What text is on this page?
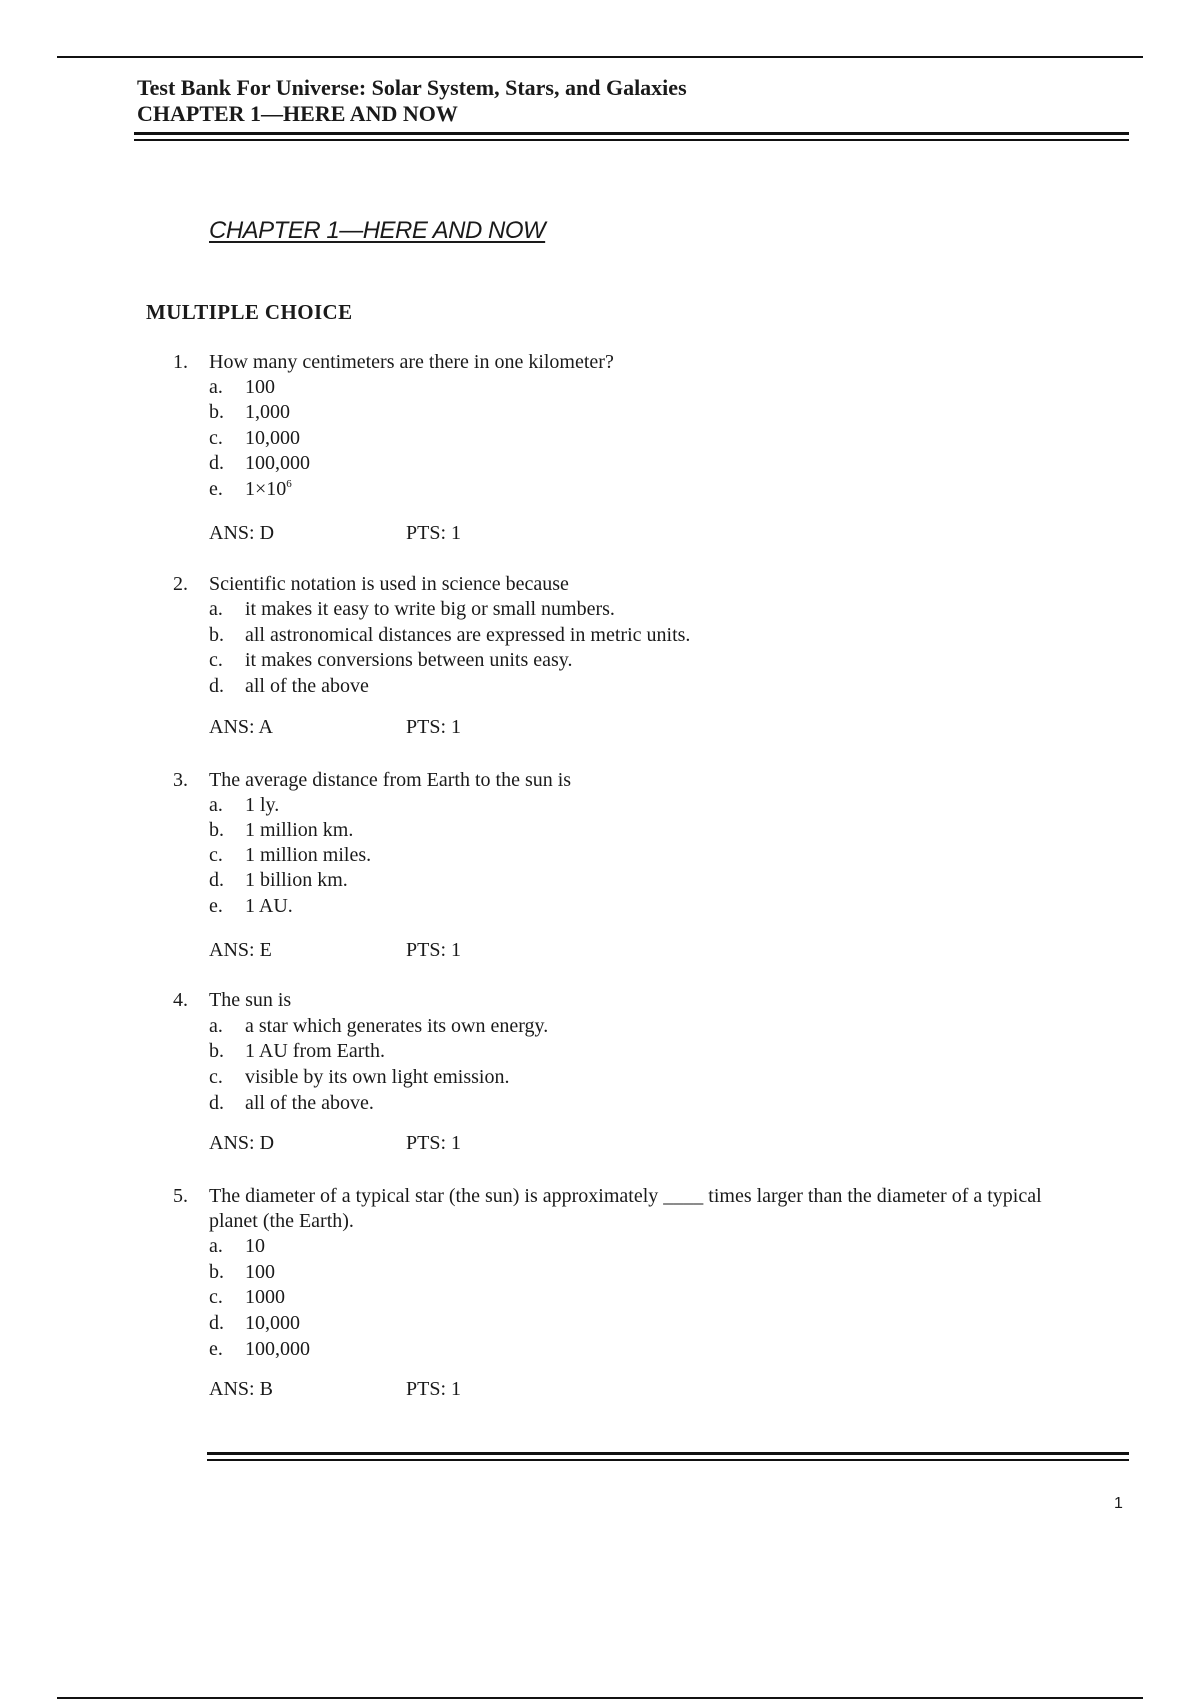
Test Bank For Universe: Solar System, Stars, and Galaxies
CHAPTER 1—HERE AND NOW
CHAPTER 1—HERE AND NOW
MULTIPLE CHOICE
1. How many centimeters are there in one kilometer?
a. 100
b. 1,000
c. 10,000
d. 100,000
e. $1\times 10^6$
ANS: D	PTS: 1
2. Scientific notation is used in science because
a. it makes it easy to write big or small numbers.
b. all astronomical distances are expressed in metric units.
c. it makes conversions between units easy.
d. all of the above
ANS: A	PTS: 1
3. The average distance from Earth to the sun is
a. 1 ly.
b. 1 million km.
c. 1 million miles.
d. 1 billion km.
e. 1 AU.
ANS: E	PTS: 1
4. The sun is
a. a star which generates its own energy.
b. 1 AU from Earth.
c. visible by its own light emission.
d. all of the above.
ANS: D	PTS: 1
5. The diameter of a typical star (the sun) is approximately ____ times larger than the diameter of a typical planet (the Earth).
a. 10
b. 100
c. 1000
d. 10,000
e. 100,000
ANS: B	PTS: 1
1
